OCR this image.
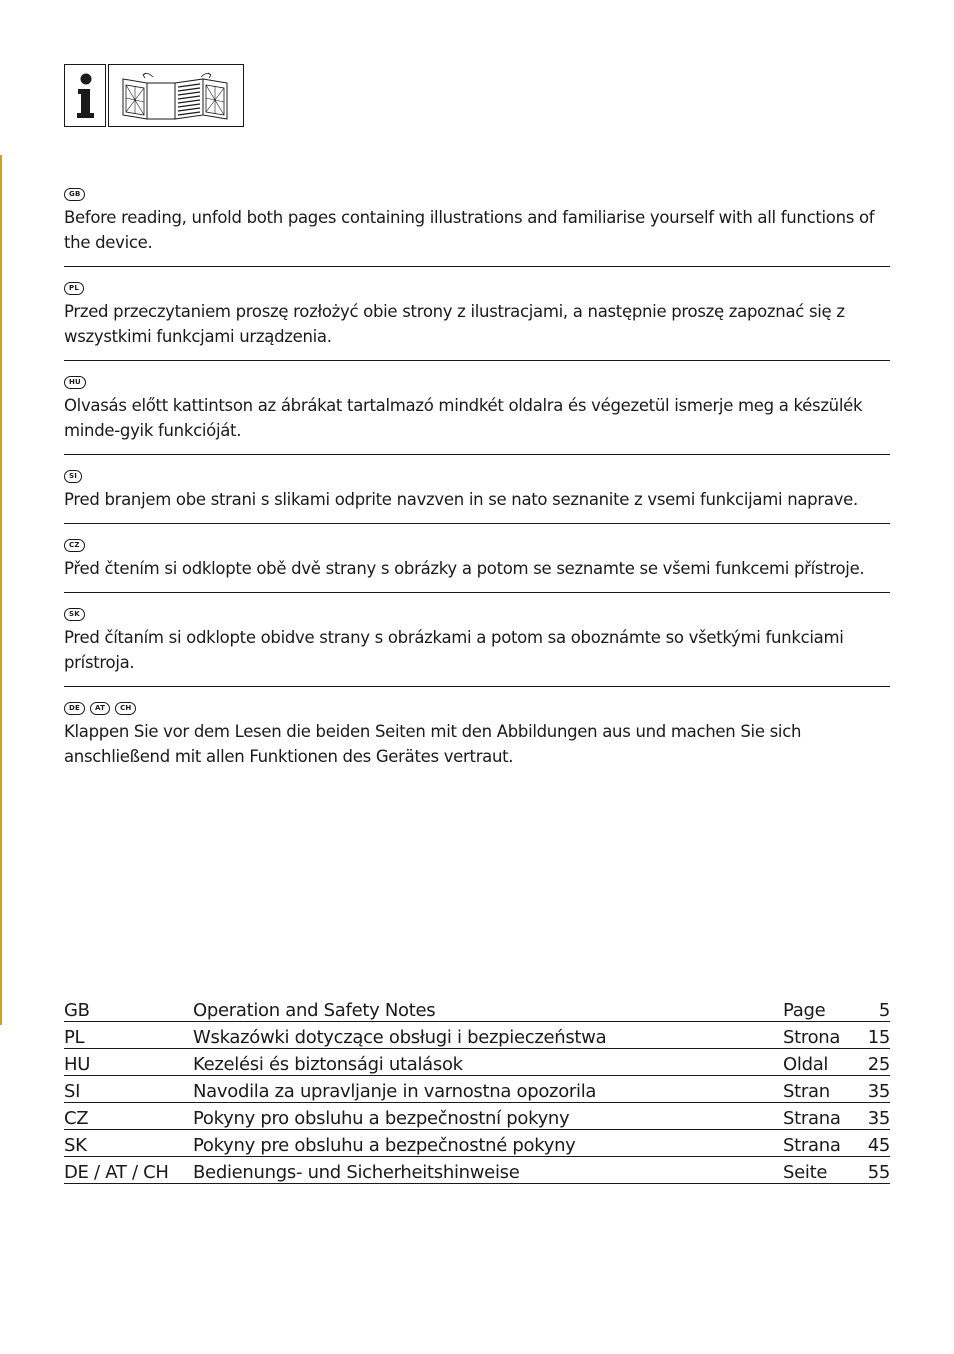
GB

Before reading, unfold both pages containing illustrations and familiarise yourself with all functions of the device.

PL

Przed przeczytaniem proszę rozłożyć obie strony z ilustracjami, a następnie proszę zapoznać się z wszystkimi funkcjami urządzenia.

HU

Olvasás előtt kattintson az ábrákat tartalmazó mindkét oldalra és végezetül ismerje meg a készülék minde-gyik funkcióját.

SI

Pred branjem obe strani s slikami odprite navzven in se nato seznanite z vsemi funkcijami naprave.

CZ

Před čtením si odklopte obě dvě strany s obrázky a potom se seznamte se všemi funkcemi přístroje.

SK

Pred čítaním si odklopte obidve strany s obrázkami a potom sa oboznámte so všetkými funkciami prístroja.

DE	AT	CH

Klappen Sie vor dem Lesen die beiden Seiten mit den Abbildungen aus und machen Sie sich anschließend mit allen Funktionen des Gerätes vertraut.

GB	Operation and Safety Notes	Page	5
PL	Wskazówki dotyczące obsługi i bezpieczeństwa	Strona	15
HU	Kezelési és biztonsági utalások	Oldal	25
SI	Navodila za upravljanje in varnostna opozorila	Stran	35
CZ	Pokyny pro obsluhu a bezpečnostní pokyny	Strana	35
SK	Pokyny pre obsluhu a bezpečnostné pokyny	Strana	45
DE / AT / CH	Bedienungs- und Sicherheitshinweise	Seite	55
